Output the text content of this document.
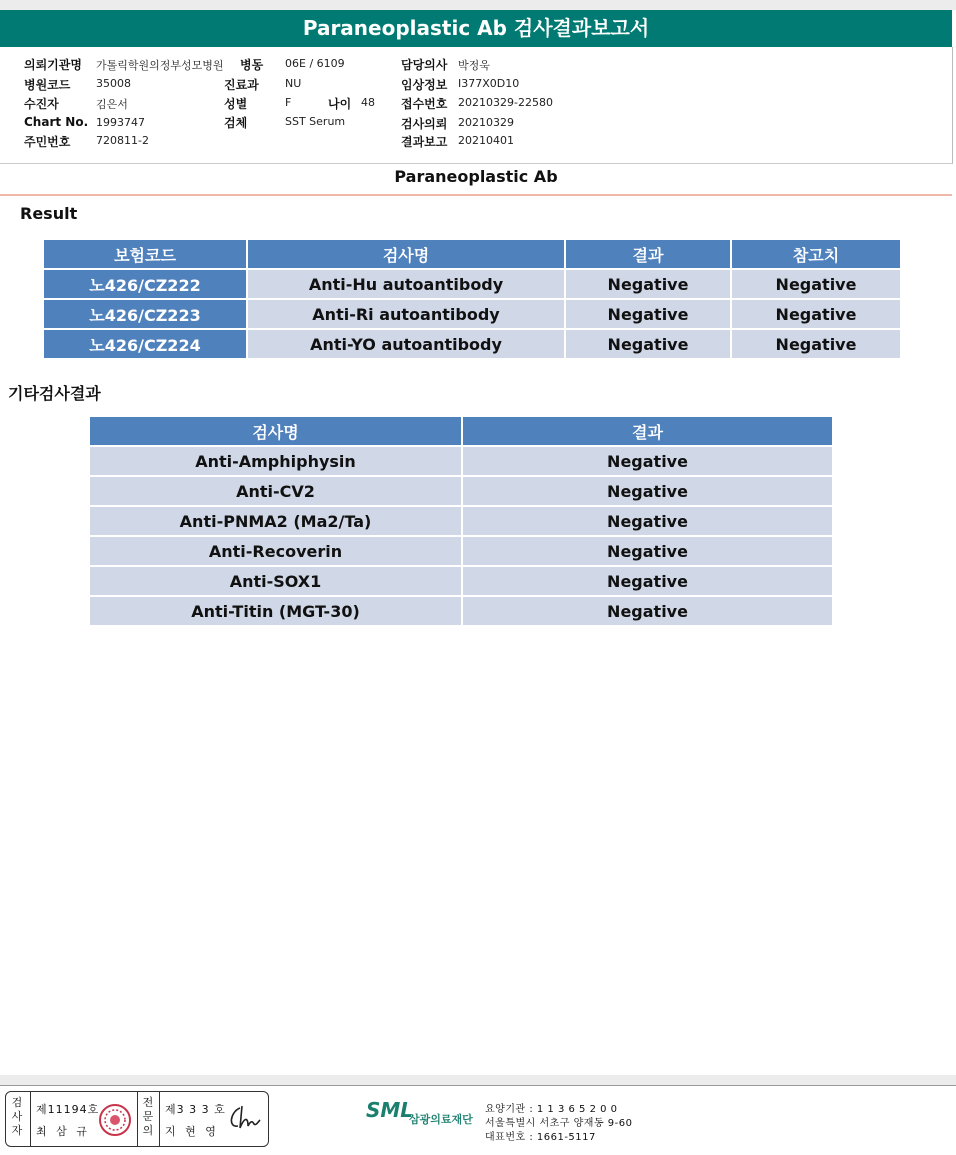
Paraneoplastic Ab 검사결과보고서
의뢰기관명 가톨릭학원의정부성모병원
병원코드 35008
수진자	김은서
Chart No. 1993747
주민번호 720811-2
병동 06E / 6109
진료과 NU
성별	F	나이 48
검체	SST Serum
담당의사 박정욱
임상정보 I377X0D10
접수번호 20210329-22580
검사의뢰 20210329
결과보고 20210401
Paraneoplastic Ab
Result
보험코드	검사명	결과	참고치
노426/CZ222	Anti-Hu autoantibody	Negative	Negative
노426/CZ223	Anti-Ri autoantibody	Negative	Negative
노426/CZ224	Anti-YO autoantibody	Negative	Negative
기타검사결과
검사명	결과
Anti-Amphiphysin	Negative
Anti-CV2	Negative
Anti-PNMA2 (Ma2/Ta)	Negative
Anti-Recoverin	Negative
Anti-SOX1	Negative
Anti-Titin (MGT-30)	Negative
검사자
제11194호
최 삼 규
전문의
제3 3 3 호
지 현 영
SML
삼광의료재단
요양기관 : 1 1 3 6 5 2 0 0
서울특별시 서초구 양재동 9-60
대표번호 : 1661-5117
